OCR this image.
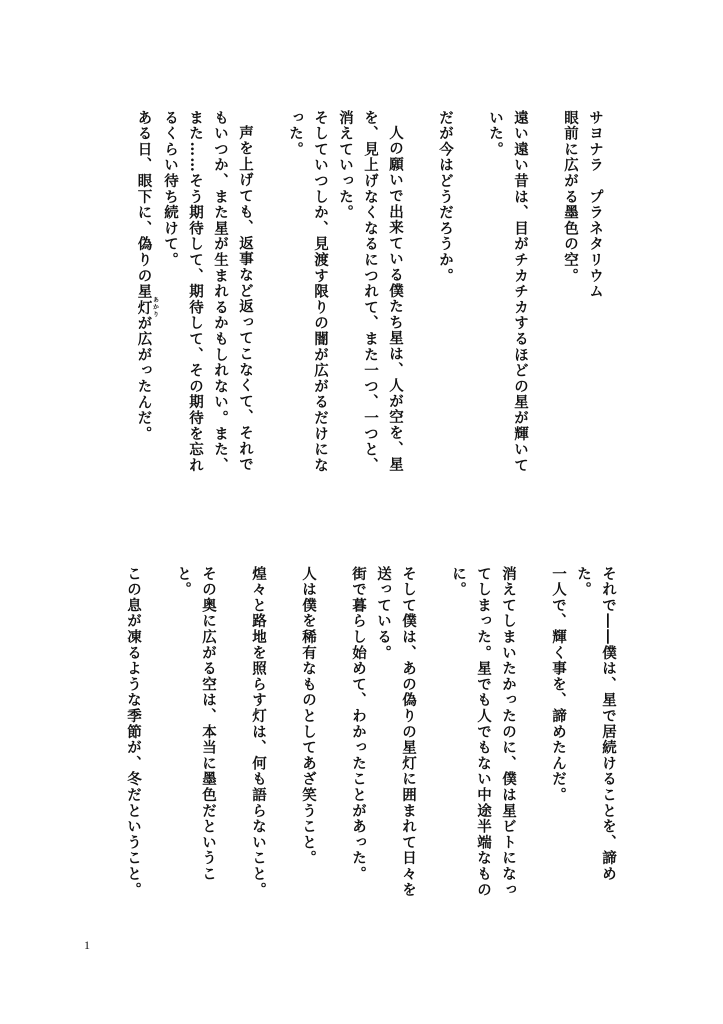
サヨナラ　プラネタリウム

眼前に広がる墨色の空。

遠い遠い昔は、目がチカチカするほどの星が輝いていた。

だが今はどうだろうか。

人の願いで出来ている僕たち星は、人が空を、星を、見上げなくなるにつれて、また一つ、一つと、消えていった。

そしていつしか、見渡す限りの闇が広がるだけになった。

声を上げても、返事など返ってこなくて、それでもいつか、また星が生まれるかもしれない。また、また……そう期待して、期待して、その期待を忘れるくらい待ち続けて。

ある日、眼下に、偽りの星灯 あかりが広がったんだ。

それで――僕は、星で居続けることを、諦めた。

一人で、輝く事を、諦めたんだ。

消えてしまいたかったのに、僕は星ビトになってしまった。星でも人でもない中途半端なものに。

そして僕は、あの偽りの星灯に囲まれて日々を送っている。

街で暮らし始めて、わかったことがあった。

人は僕を稀有なものとしてあざ笑うこと。

煌々と路地を照らす灯は、何も語らないこと。

その奥に広がる空は、本当に墨色だということ。

この息が凍るような季節が、冬だということ。

1
